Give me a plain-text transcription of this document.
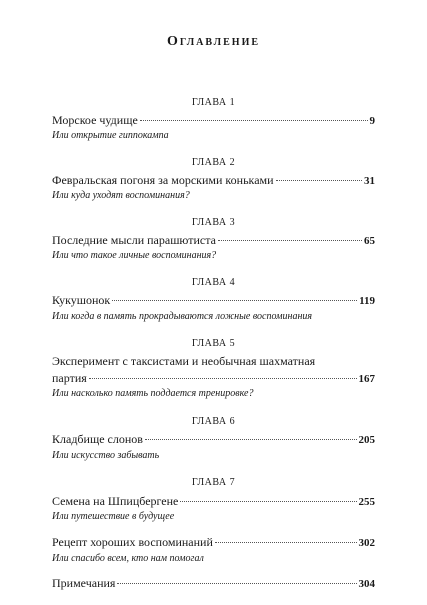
Оглавление
ГЛАВА 1
Морское чудище	9
Или открытие гиппокампа
ГЛАВА 2
Февральская погоня за морскими коньками	31
Или куда уходят воспоминания?
ГЛАВА 3
Последние мысли парашютиста	65
Или что такое личные воспоминания?
ГЛАВА 4
Кукушонок	119
Или когда в память прокрадываются ложные воспоминания
ГЛАВА 5
Эксперимент с таксистами и необычная шахматная
партия	167
Или насколько память поддается тренировке?
ГЛАВА 6
Кладбище слонов	205
Или искусство забывать
ГЛАВА 7
Семена на Шпицбергене	255
Или путешествие в будущее
Рецепт хороших воспоминаний	302
Или спасибо всем, кто нам помогал
Примечания	304
